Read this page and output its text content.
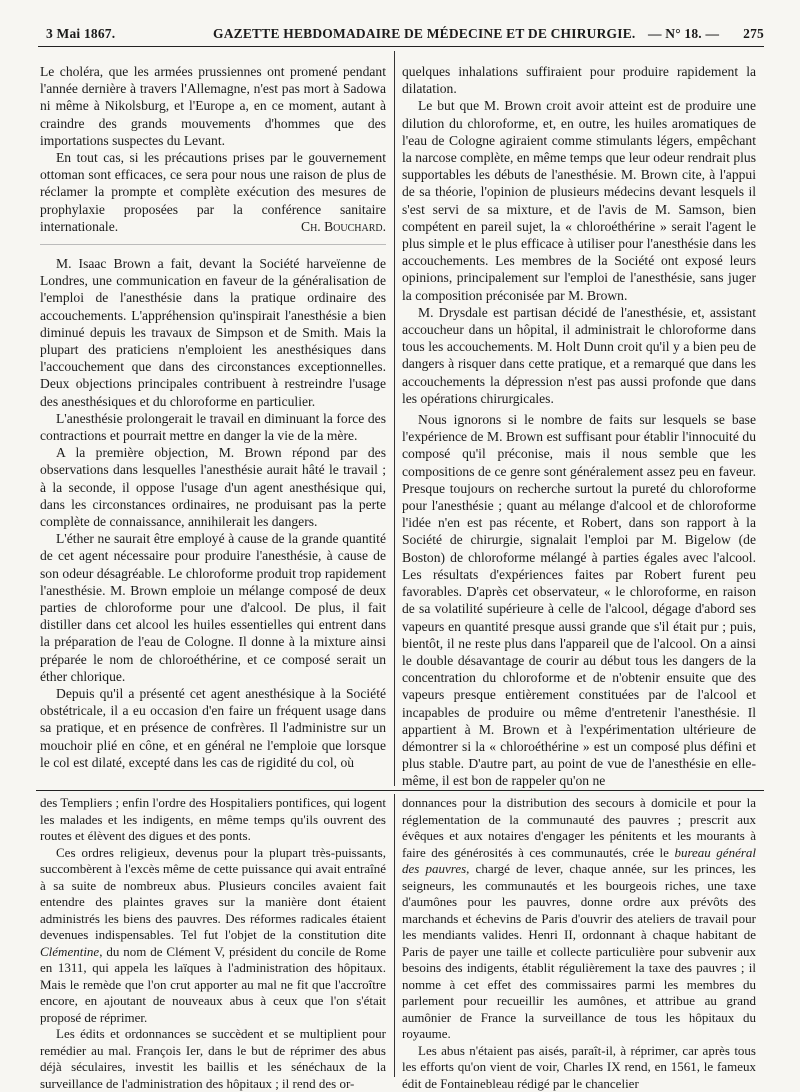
3 Mai 1867.	GAZETTE HEBDOMADAIRE DE MÉDECINE ET DE CHIRURGIE. — N° 18. — 275

Le choléra, que les armées prussiennes ont promené pendant l'année dernière à travers l'Allemagne, n'est pas mort à Sadowa ni même à Nikolsburg, et l'Europe a, en ce moment, autant à craindre des grands mouvements d'hommes que des importations suspectes du Levant.

En tout cas, si les précautions prises par le gouvernement ottoman sont efficaces, ce sera pour nous une raison de plus de réclamer la prompte et complète exécution des mesures de prophylaxie proposées par la conférence sanitaire internationale.	Ch. Bouchard.

M. Isaac Brown a fait, devant la Société harveïenne de Londres, une communication en faveur de la généralisation de l'emploi de l'anesthésie dans la pratique ordinaire des accouchements. L'appréhension qu'inspirait l'anesthésie a bien diminué depuis les travaux de Simpson et de Smith. Mais la plupart des praticiens n'emploient les anesthésiques dans l'accouchement que dans des circonstances exceptionnelles. Deux objections principales contribuent à restreindre l'usage des anesthésiques et du chloroforme en particulier.

L'anesthésie prolongerait le travail en diminuant la force des contractions et pourrait mettre en danger la vie de la mère.

A la première objection, M. Brown répond par des observations dans lesquelles l'anesthésie aurait hâté le travail ; à la seconde, il oppose l'usage d'un agent anesthésique qui, dans les circonstances ordinaires, ne produisant pas la perte complète de connaissance, annihilerait les dangers.

L'éther ne saurait être employé à cause de la grande quantité de cet agent nécessaire pour produire l'anesthésie, à cause de son odeur désagréable. Le chloroforme produit trop rapidement l'anesthésie. M. Brown emploie un mélange composé de deux parties de chloroforme pour une d'alcool. De plus, il fait distiller dans cet alcool les huiles essentielles qui entrent dans la préparation de l'eau de Cologne. Il donne à la mixture ainsi préparée le nom de chloroéthérine, et ce composé serait un éther chlorique.

Depuis qu'il a présenté cet agent anesthésique à la Société obstétricale, il a eu occasion d'en faire un fréquent usage dans sa pratique, et en présence de confrères. Il l'administre sur un mouchoir plié en cône, et en général ne l'emploie que lorsque le col est dilaté, excepté dans les cas de rigidité du col, où

quelques inhalations suffiraient pour produire rapidement la dilatation.

Le but que M. Brown croit avoir atteint est de produire une dilution du chloroforme, et, en outre, les huiles aromatiques de l'eau de Cologne agiraient comme stimulants légers, empêchant la narcose complète, en même temps que leur odeur rendrait plus supportables les débuts de l'anesthésie. M. Brown cite, à l'appui de sa théorie, l'opinion de plusieurs médecins devant lesquels il s'est servi de sa mixture, et de l'avis de M. Samson, bien compétent en pareil sujet, la « chloroéthérine » serait l'agent le plus simple et le plus efficace à utiliser pour l'anesthésie dans les accouchements. Les membres de la Société ont exposé leurs opinions, principalement sur l'emploi de l'anesthésie, sans juger la composition préconisée par M. Brown.

M. Drysdale est partisan décidé de l'anesthésie, et, assistant accoucheur dans un hôpital, il administrait le chloroforme dans tous les accouchements. M. Holt Dunn croit qu'il y a bien peu de dangers à risquer dans cette pratique, et a remarqué que dans les accouchements la dépression n'est pas aussi profonde que dans les opérations chirurgicales.

Nous ignorons si le nombre de faits sur lesquels se base l'expérience de M. Brown est suffisant pour établir l'innocuité du composé qu'il préconise, mais il nous semble que les compositions de ce genre sont généralement assez peu en faveur. Presque toujours on recherche surtout la pureté du chloroforme pour l'anesthésie ; quant au mélange d'alcool et de chloroforme l'idée n'en est pas récente, et Robert, dans son rapport à la Société de chirurgie, signalait l'emploi par M. Bigelow (de Boston) de chloroforme mélangé à parties égales avec l'alcool. Les résultats d'expériences faites par Robert furent peu favorables. D'après cet observateur, « le chloroforme, en raison de sa volatilité supérieure à celle de l'alcool, dégage d'abord ses vapeurs en quantité presque aussi grande que s'il était pur ; puis, bientôt, il ne reste plus dans l'appareil que de l'alcool. On a ainsi le double désavantage de courir au début tous les dangers de la concentration du chloroforme et de n'obtenir ensuite que des vapeurs presque entièrement constituées par de l'alcool et incapables de produire ou même d'entretenir l'anesthésie. Il appartient à M. Brown et à l'expérimentation ultérieure de démontrer si la « chloroéthérine » est un composé plus défini et plus stable. D'autre part, au point de vue de l'anesthésie en elle-même, il est bon de rappeler qu'on ne

des Templiers ; enfin l'ordre des Hospitaliers pontifices, qui logent les malades et les indigents, en même temps qu'ils ouvrent des routes et élèvent des digues et des ponts.

Ces ordres religieux, devenus pour la plupart très-puissants, succombèrent à l'excès même de cette puissance qui avait entraîné à sa suite de nombreux abus. Plusieurs conciles avaient fait entendre des plaintes graves sur la manière dont étaient administrés les biens des pauvres. Des réformes radicales étaient devenues indispensables. Tel fut l'objet de la constitution dite Clémentine, du nom de Clément V, président du concile de Rome en 1311, qui appela les laïques à l'administration des hôpitaux. Mais le remède que l'on crut apporter au mal ne fit que l'accroître encore, en ajoutant de nouveaux abus à ceux que l'on s'était proposé de réprimer.

Les édits et ordonnances se succèdent et se multiplient pour remédier au mal. François Ier, dans le but de réprimer des abus déjà séculaires, investit les baillis et les sénéchaux de la surveillance de l'administration des hôpitaux ; il rend des or-

donnances pour la distribution des secours à domicile et pour la réglementation de la communauté des pauvres ; prescrit aux évêques et aux notaires d'engager les pénitents et les mourants à faire des générosités à ces communautés, crée le bureau général des pauvres, chargé de lever, chaque année, sur les princes, les seigneurs, les communautés et les bourgeois riches, une taxe d'aumônes pour les pauvres, donne ordre aux prévôts des marchands et échevins de Paris d'ouvrir des ateliers de travail pour les mendiants valides. Henri II, ordonnant à chaque habitant de Paris de payer une taille et collecte particulière pour subvenir aux besoins des indigents, établit régulièrement la taxe des pauvres ; il nomme à cet effet des commissaires parmi les membres du parlement pour recueillir les aumônes, et attribue au grand aumônier de France la surveillance de tous les hôpitaux du royaume.

Les abus n'étaient pas aisés, paraît-il, à réprimer, car après tous les efforts qu'on vient de voir, Charles IX rend, en 1561, le fameux édit de Fontainebleau rédigé par le chancelier
